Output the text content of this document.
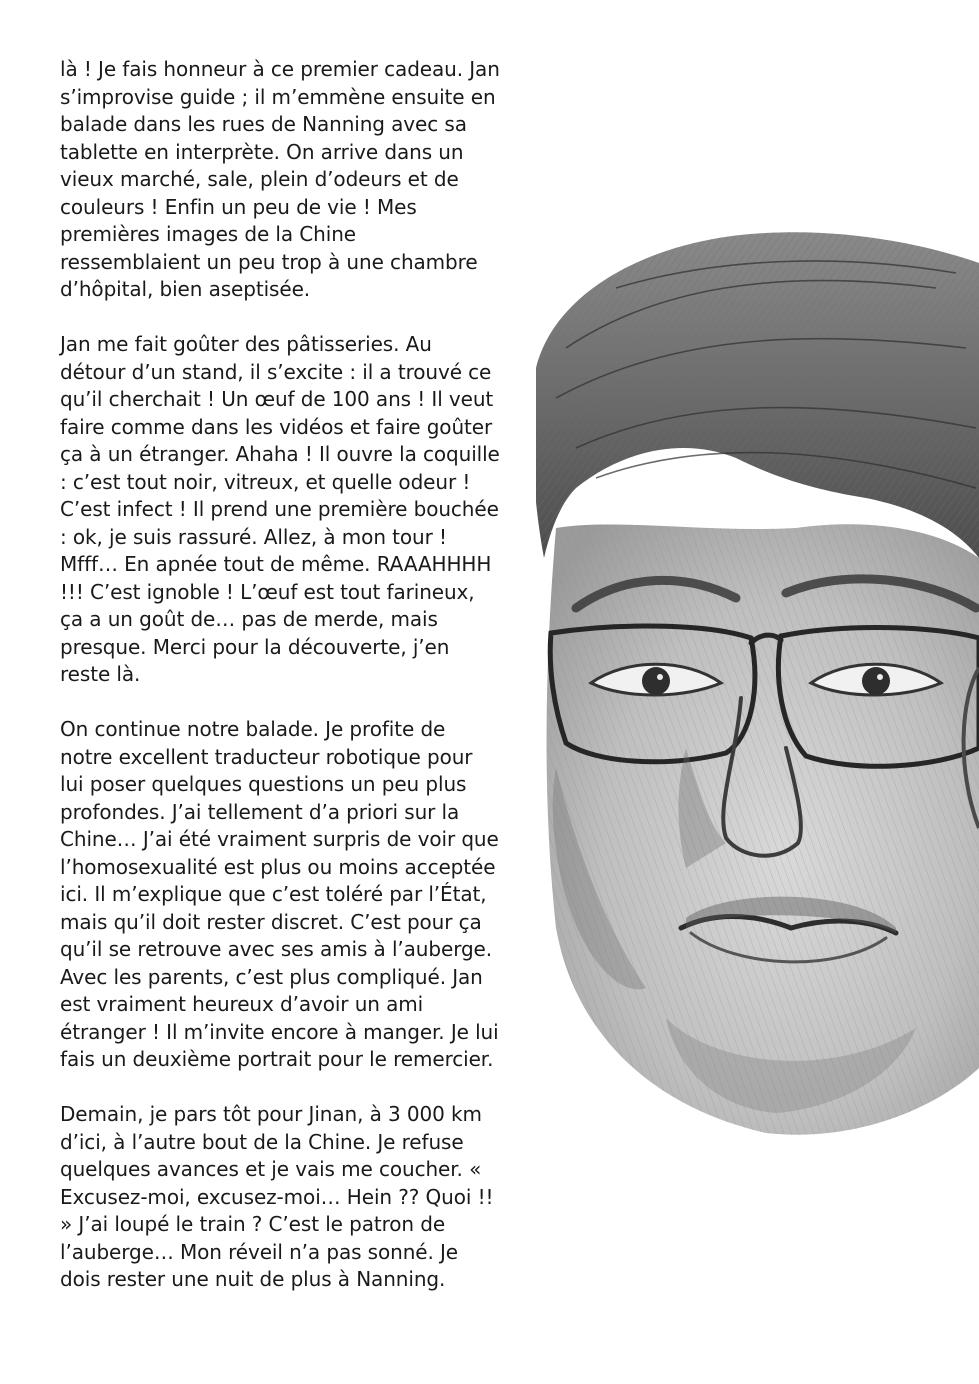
là ! Je fais honneur à ce premier cadeau. Jan s’improvise guide ; il m’emmène ensuite en balade dans les rues de Nanning avec sa tablette en interprète. On arrive dans un vieux marché, sale, plein d’odeurs et de couleurs ! Enfin un peu de vie ! Mes premières images de la Chine ressemblaient un peu trop à une chambre d’hôpital, bien aseptisée.

Jan me fait goûter des pâtisseries. Au détour d’un stand, il s’excite : il a trouvé ce qu’il cherchait ! Un œuf de 100 ans ! Il veut faire comme dans les vidéos et faire goûter ça à un étranger. Ahaha ! Il ouvre la coquille : c’est tout noir, vitreux, et quelle odeur ! C’est infect ! Il prend une première bouchée : ok, je suis rassuré. Allez, à mon tour ! Mfff… En apnée tout de même. RAAAHHHH !!! C’est ignoble ! L’œuf est tout farineux, ça a un goût de… pas de merde, mais presque. Merci pour la découverte, j’en reste là.

On continue notre balade. Je profite de notre excellent traducteur robotique pour lui poser quelques questions un peu plus profondes. J’ai tellement d’a priori sur la Chine… J’ai été vraiment surpris de voir que l’homosexualité est plus ou moins acceptée ici. Il m’explique que c’est toléré par l’État, mais qu’il doit rester discret. C’est pour ça qu’il se retrouve avec ses amis à l’auberge. Avec les parents, c’est plus compliqué. Jan est vraiment heureux d’avoir un ami étranger ! Il m’invite encore à manger. Je lui fais un deuxième portrait pour le remercier.

Demain, je pars tôt pour Jinan, à 3 000 km d’ici, à l’autre bout de la Chine. Je refuse quelques avances et je vais me coucher. « Excusez-moi, excusez-moi… Hein ?? Quoi !! » J’ai loupé le train ? C’est le patron de l’auberge… Mon réveil n’a pas sonné. Je dois rester une nuit de plus à Nanning.
